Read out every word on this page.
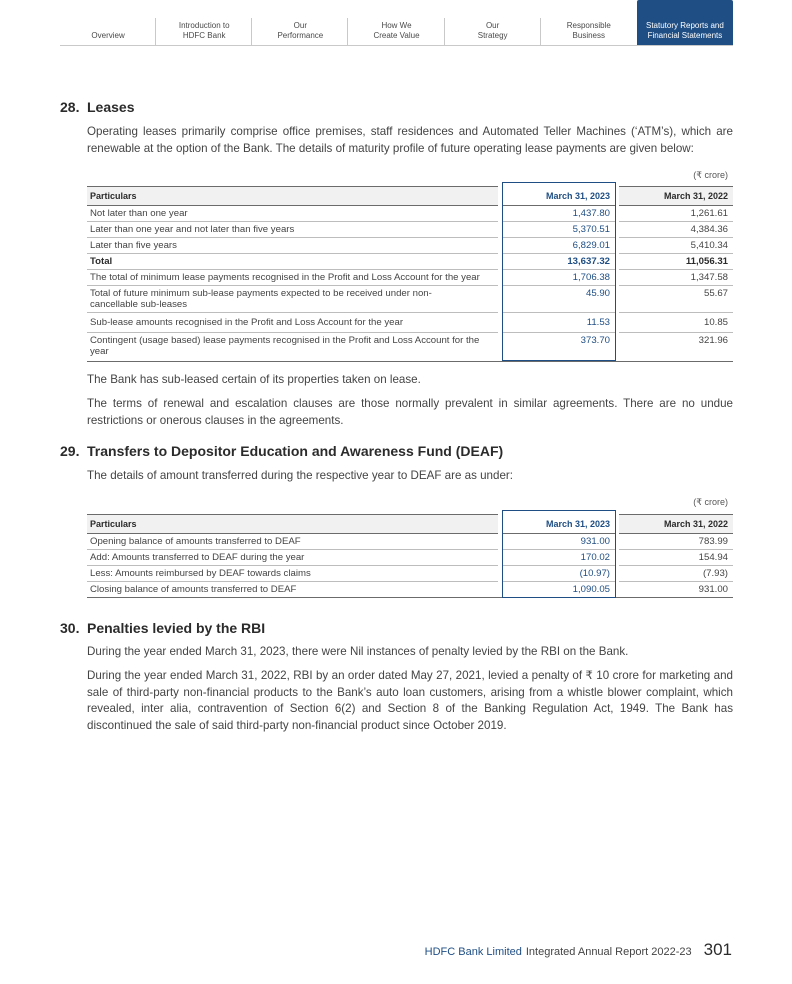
Overview
Introduction to
HDFC Bank
Our
Performance
How We
Create Value
Our
Strategy
Responsible
Business
Statutory Reports and
Financial Statements
28. Leases
Operating leases primarily comprise office premises, staff residences and Automated Teller Machines (‘ATM’s), which are renewable at the option of the Bank. The details of maturity profile of future operating lease payments are given below:
(₹ crore)
Particulars		March 31, 2023		March 31, 2022
Not later than one year		1,437.80		1,261.61
Later than one year and not later than five years		5,370.51		4,384.36
Later than five years		6,829.01		5,410.34
Total		13,637.32		11,056.31
The total of minimum lease payments recognised in the Profit and Loss Account for the year		1,706.38		1,347.58
Total of future minimum sub-lease payments expected to be received under non-cancellable sub-leases		45.90		55.67
Sub-lease amounts recognised in the Profit and Loss Account for the year		11.53		10.85
Contingent (usage based) lease payments recognised in the Profit and Loss Account for the year		373.70		321.96
The Bank has sub-leased certain of its properties taken on lease.
The terms of renewal and escalation clauses are those normally prevalent in similar agreements. There are no undue restrictions or onerous clauses in the agreements.
29. Transfers to Depositor Education and Awareness Fund (DEAF)
The details of amount transferred during the respective year to DEAF are as under:
(₹ crore)
Particulars		March 31, 2023		March 31, 2022
Opening balance of amounts transferred to DEAF		931.00		783.99
Add: Amounts transferred to DEAF during the year		170.02		154.94
Less: Amounts reimbursed by DEAF towards claims		(10.97)		(7.93)
Closing balance of amounts transferred to DEAF		1,090.05		931.00
30. Penalties levied by the RBI
During the year ended March 31, 2023, there were Nil instances of penalty levied by the RBI on the Bank.
During the year ended March 31, 2022, RBI by an order dated May 27, 2021, levied a penalty of ₹ 10 crore for marketing and sale of third-party non-financial products to the Bank’s auto loan customers, arising from a whistle blower complaint, which revealed, inter alia, contravention of Section 6(2) and Section 8 of the Banking Regulation Act, 1949. The Bank has discontinued the sale of said third-party non-financial product since October 2019.
HDFC Bank Limited Integrated Annual Report 2022-23 301
